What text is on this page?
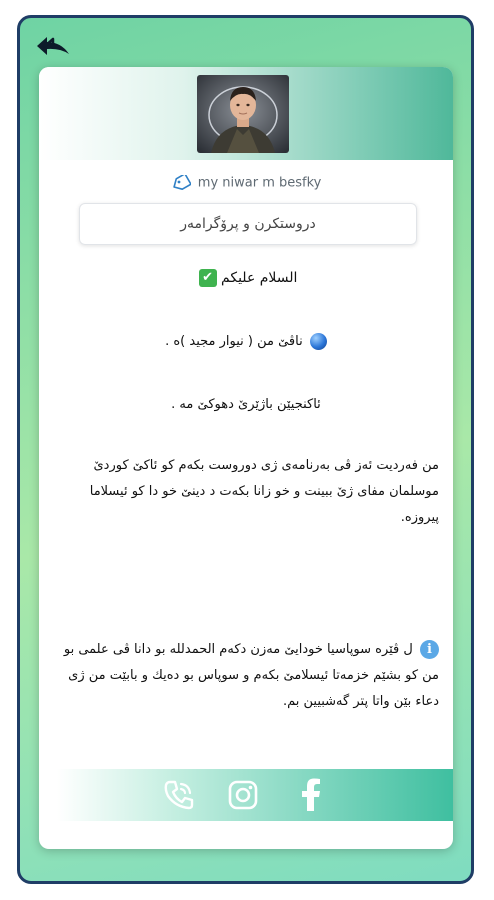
my niwar m besfky
دروستكرن و پرۆگرامەر
السلام عليكم ✔
ناڤێ من ( نیوار مجید )ە .
ئاكنجیێن باژێرێ دهوكێ مە .
من فەردیت ئەز ڤی بەرنامەی ژی دوروست بكەم كو ئاكێ كوردێ موسلمان مفای ژێ ببینت و خو زانا بكەت د دینێ خو دا كو ئیسلاما پیروزە.
i ل ڤێرە سوپاسیا خودایێ مەزن دكەم الحمدللە بو دانا ڤی علمی بو من كو بشێم خزمەتا ئیسلامێ بكەم و سوپاس بو دەیك و بابێت من ژی دعاء بێن واتا پتر گەشبیین بم.
